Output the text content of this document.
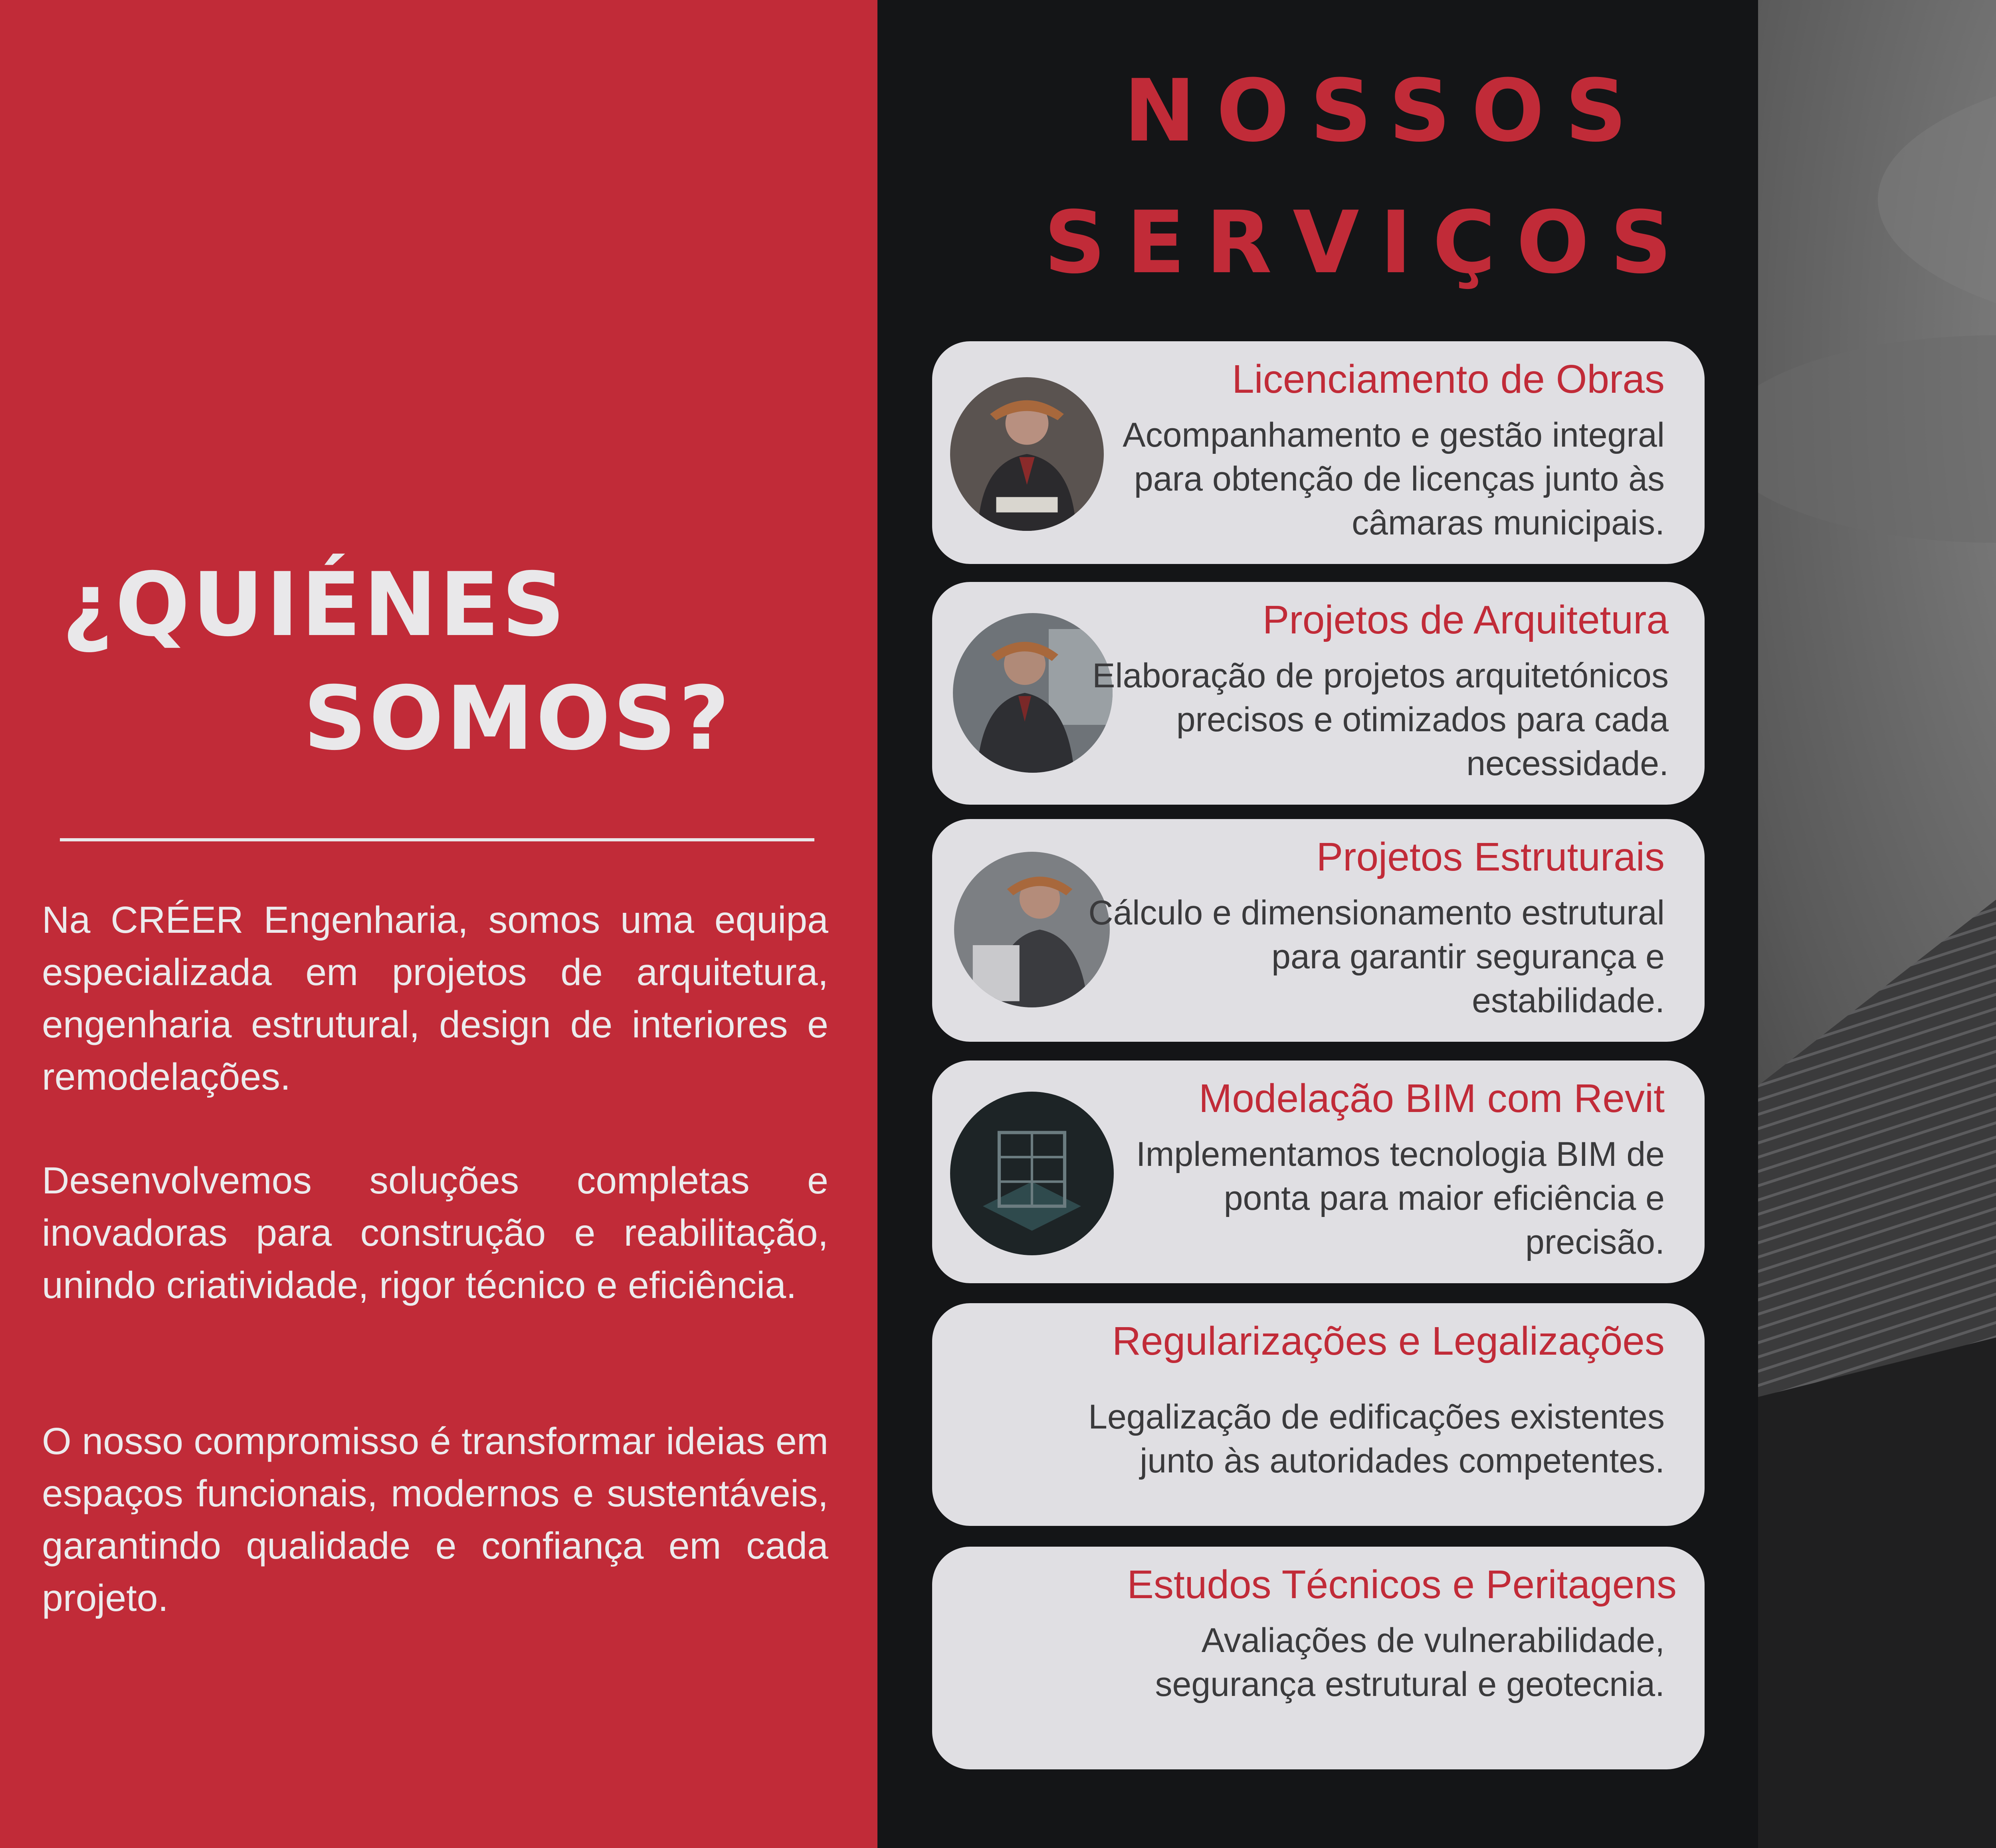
¿QUIÉNES
SOMOS?

Na CRÉER Engenharia, somos uma equipa especializada em projetos de arquitetura, engenharia estrutural, design de interiores e remodelações.

Desenvolvemos soluções completas e inovadoras para construção e reabilitação, unindo criatividade, rigor técnico e eficiência.

O nosso compromisso é transformar ideias em espaços funcionais, modernos e sustentáveis, garantindo qualidade e confiança em cada projeto.

NOSSOS
SERVIÇOS
Licenciamento de Obras
Acompanhamento e gestão integral para obtenção de licenças junto às câmaras municipais.
Projetos de Arquitetura
Elaboração de projetos arquitetónicos precisos e otimizados para cada necessidade.
Projetos Estruturais
Cálculo e dimensionamento estrutural para garantir segurança e estabilidade.
Modelação BIM com Revit
Implementamos tecnologia BIM de ponta para maior eficiência e precisão.
Regularizações e Legalizações
Legalização de edificações existentes junto às autoridades competentes.
Estudos Técnicos e Peritagens
Avaliações de vulnerabilidade, segurança estrutural e geotecnia.
